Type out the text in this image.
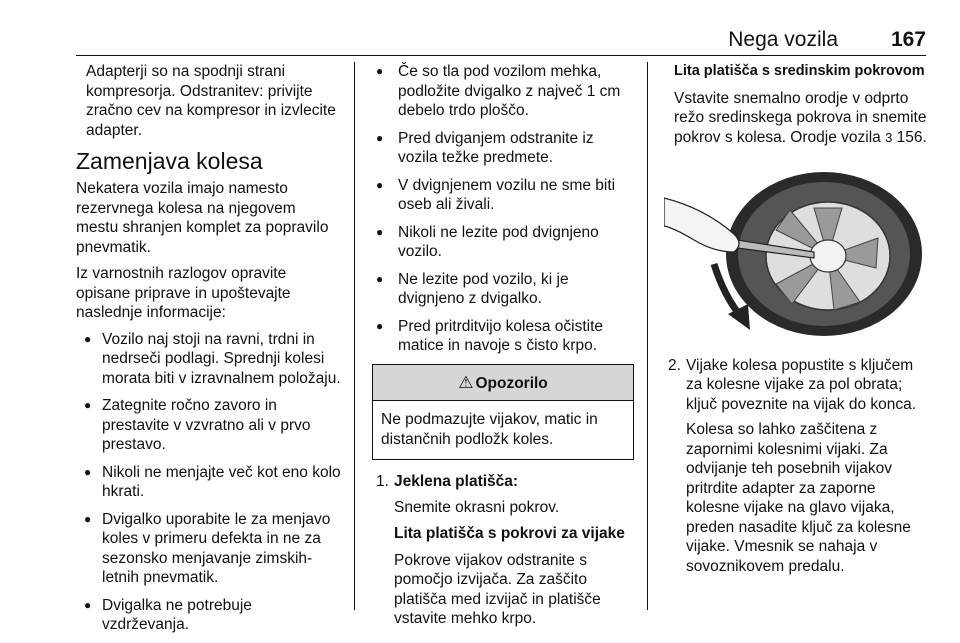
Nega vozila	167

Adapterji so na spodnji strani kompresorja. Odstranitev: privijte zračno cev na kompresor in izvlecite adapter.

Zamenjava kolesa

Nekatera vozila imajo namesto rezervnega kolesa na njegovem mestu shranjen komplet za popravilo pnevmatik.

Iz varnostnih razlogov opravite opisane priprave in upoštevajte naslednje informacije:

● Vozilo naj stoji na ravni, trdni in nedrseči podlagi. Sprednji kolesi morata biti v izravnalnem položaju.
● Zategnite ročno zavoro in prestavite v vzvratno ali v prvo prestavo.
● Nikoli ne menjajte več kot eno kolo hkrati.
● Dvigalko uporabite le za menjavo koles v primeru defekta in ne za sezonsko menjavanje zimskih-letnih pnevmatik.
● Dvigalka ne potrebuje vzdrževanja.
● Če so tla pod vozilom mehka, podložite dvigalko z največ 1 cm debelo trdo ploščo.
● Pred dviganjem odstranite iz vozila težke predmete.
● V dvignjenem vozilu ne sme biti oseb ali živali.
● Nikoli ne lezite pod dvignjeno vozilo.
● Ne lezite pod vozilo, ki je dvignjeno z dvigalko.
● Pred pritrditvijo kolesa očistite matice in navoje s čisto krpo.
⚠ Opozorilo
Ne podmazujte vijakov, matic in distančnih podložk koles.
1. Jeklena platišča:

Snemite okrasni pokrov.

Lita platišča s pokrovi za vijake

Pokrove vijakov odstranite s pomočjo izvijača. Za zaščito platišča med izvijač in platišče vstavite mehko krpo.

Lita platišča s sredinskim pokrovom

Vstavite snemalno orodje v odprto režo sredinskega pokrova in snemite pokrov s kolesa. Orodje vozila 3 156.

2. Vijake kolesa popustite s ključem za kolesne vijake za pol obrata; ključ poveznite na vijak do konca.

Kolesa so lahko zaščitena z zapornimi kolesnimi vijaki. Za odvijanje teh posebnih vijakov pritrdite adapter za zaporne kolesne vijake na glavo vijaka, preden nasadite ključ za kolesne vijake. Vmesnik se nahaja v sovoznikovem predalu.
